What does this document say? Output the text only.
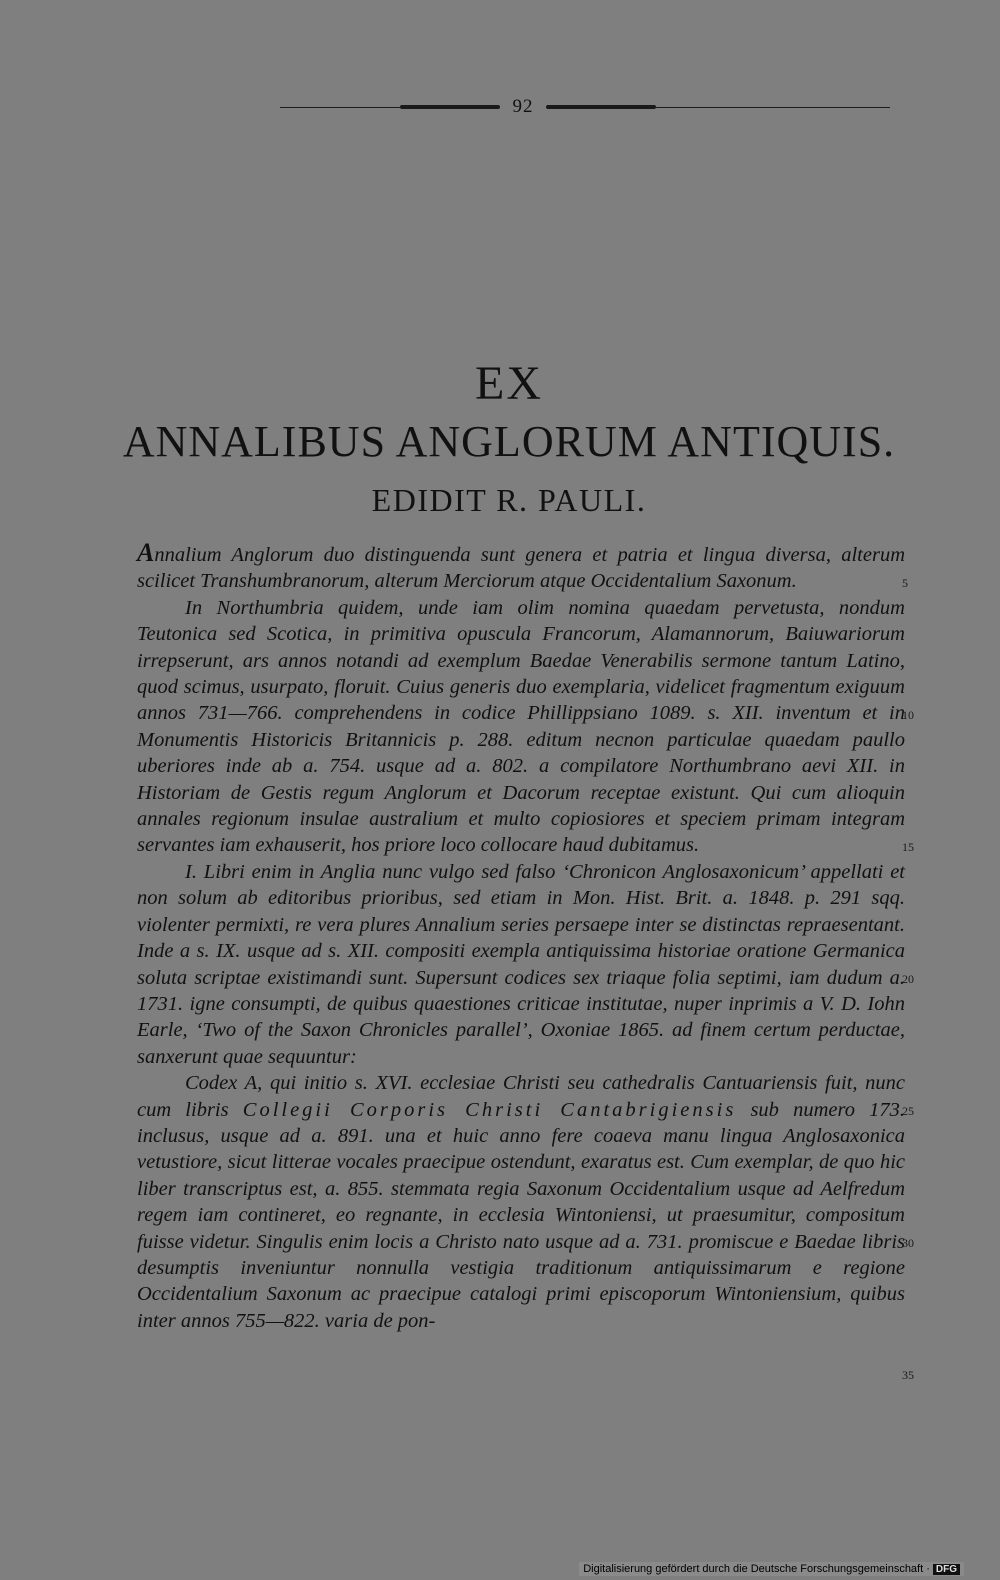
92
EX
ANNALIBUS ANGLORUM ANTIQUIS.
EDIDIT R. PAULI.

Annalium Anglorum duo distinguenda sunt genera et patria et lingua diversa, alterum scilicet Transhumbranorum, alterum Merciorum atque Occidentalium Saxonum.

In Northumbria quidem, unde iam olim nomina quaedam pervetusta, nondum Teutonica sed Scotica, in primitiva opuscula Francorum, Alamannorum, Baiuwariorum irrepserunt, ars annos notandi ad exemplum Baedae Venerabilis sermone tantum Latino, quod scimus, usurpato, floruit. Cuius generis duo exemplaria, videlicet fragmentum exiguum annos 731—766. comprehendens in codice Phillippsiano 1089. s. XII. inventum et in Monumentis Historicis Britannicis p. 288. editum necnon particulae quaedam paullo uberiores inde ab a. 754. usque ad a. 802. a compilatore Northumbrano aevi XII. in Historiam de Gestis regum Anglorum et Dacorum receptae existunt. Qui cum alioquin annales regionum insulae australium et multo copiosiores et speciem primam integram servantes iam exhauserit, hos priore loco collocare haud dubitamus.

I. Libri enim in Anglia nunc vulgo sed falso ‘Chronicon Anglosaxonicum’ appellati et non solum ab editoribus prioribus, sed etiam in Mon. Hist. Brit. a. 1848. p. 291 sqq. violenter permixti, re vera plures Annalium series persaepe inter se distinctas repraesentant. Inde a s. IX. usque ad s. XII. compositi exempla antiquissima historiae oratione Germanica soluta scriptae existimandi sunt. Supersunt codices sex triaque folia septimi, iam dudum a. 1731. igne consumpti, de quibus quaestiones criticae institutae, nuper inprimis a V. D. Iohn Earle, ‘Two of the Saxon Chronicles parallel’, Oxoniae 1865. ad finem certum perductae, sanxerunt quae sequuntur:

Codex A, qui initio s. XVI. ecclesiae Christi seu cathedralis Cantuariensis fuit, nunc cum libris Collegii Corporis Christi Cantabrigiensis sub numero 173. inclusus, usque ad a. 891. una et huic anno fere coaeva manu lingua Anglosaxonica vetustiore, sicut litterae vocales praecipue ostendunt, exaratus est. Cum exemplar, de quo hic liber transcriptus est, a. 855. stemmata regia Saxonum Occidentalium usque ad Aelfredum regem iam contineret, eo regnante, in ecclesia Wintoniensi, ut praesumitur, compositum fuisse videtur. Singulis enim locis a Christo nato usque ad a. 731. promiscue e Baedae libris desumptis inveniuntur nonnulla vestigia traditionum antiquissimarum e regione Occidentalium Saxonum ac praecipue catalogi primi episcoporum Wintoniensium, quibus inter annos 755—822. varia de pon-

5
10
15
20
25
30
35
Digitalisierung gefördert durch die Deutsche Forschungsgemeinschaft · DFG
